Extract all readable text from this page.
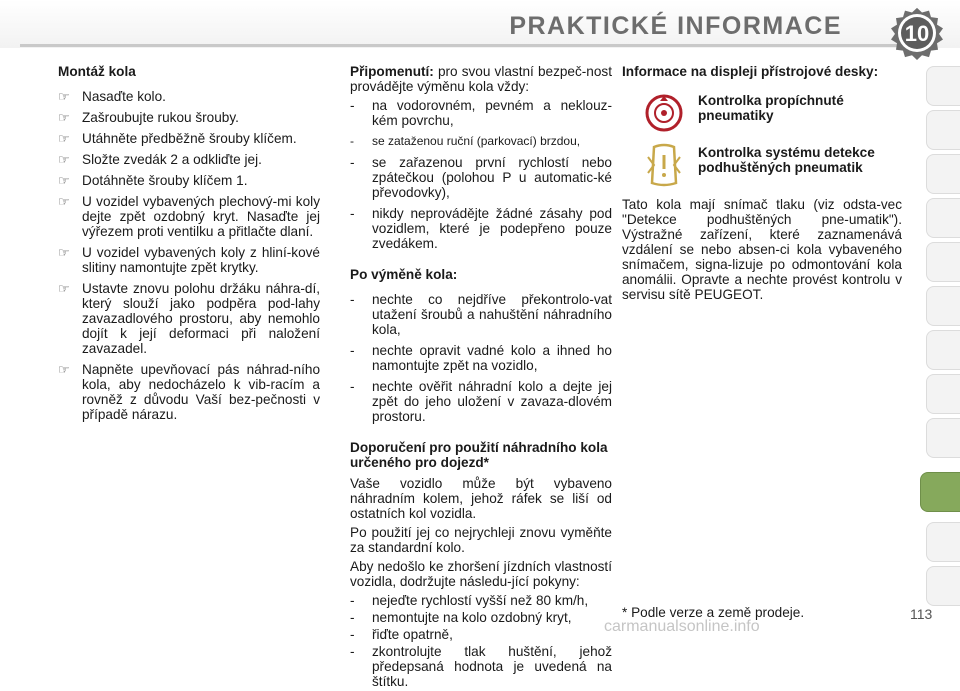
PRAKTICKÉ INFORMACE	10

Montáž kola

☞ Nasaďte kolo.

☞ Zašroubujte rukou šrouby.

☞ Utáhněte předběžně šrouby klíčem.

☞ Složte zvedák 2 a odkliďte jej.

☞ Dotáhněte šrouby klíčem 1.

☞ U vozidel vybavených plechový-mi koly dejte zpět ozdobný kryt. Nasaďte jej výřezem proti ventilku a přitlačte dlaní.

☞ U vozidel vybavených koly z hliní-kové slitiny namontujte zpět krytky.

☞ Ustavte znovu polohu držáku náhra-dí, který slouží jako podpěra pod-lahy zavazadlového prostoru, aby nemohlo dojít k její deformaci při naložení zavazadel.

☞ Napněte upevňovací pás náhrad-ního kola, aby nedocházelo k vib-racím a rovněž z důvodu Vaší bez-pečnosti v případě nárazu.

Připomenutí: pro svou vlastní bezpeč-nost provádějte výměnu kola vždy:

- na vodorovném, pevném a neklouz-kém povrchu,

- se zataženou ruční (parkovací) brzdou,

- se zařazenou první rychlostí nebo zpátečkou (polohou P u automatic-ké převodovky),

- nikdy neprovádějte žádné zásahy pod vozidlem, které je podepřeno pouze zvedákem.

Po výměně kola:

- nechte co nejdříve překontrolo-vat utažení šroubů a nahuštění náhradního kola,

- nechte opravit vadné kolo a ihned ho namontujte zpět na vozidlo,

- nechte ověřit náhradní kolo a dejte jej zpět do jeho uložení v zavaza-dlovém prostoru.

Doporučení pro použití náhradního kola určeného pro dojezd*

Vaše vozidlo může být vybaveno náhradním kolem, jehož ráfek se liší od ostatních kol vozidla.

Po použití jej co nejrychleji znovu vyměňte za standardní kolo.

Aby nedošlo ke zhoršení jízdních vlastností vozidla, dodržujte následu-jící pokyny:

- nejeďte rychlostí vyšší než 80 km/h,

- nemontujte na kolo ozdobný kryt,

- řiďte opatrně,

- zkontrolujte tlak huštění, jehož předepsaná hodnota je uvedená na štítku.

Informace na displeji přístrojové desky:

Kontrolka propíchnuté pneumatiky
Kontrolka systému detekce podhuštěných pneumatik

Tato kola mají snímač tlaku (viz odsta-vec "Detekce podhuštěných pne-umatik"). Výstražné zařízení, které zaznamenává vzdálení se nebo absen-ci kola vybaveného snímačem, signa-lizuje po odmontování kola anomálii. Opravte a nechte provést kontrolu v servisu sítě PEUGEOT.

* Podle verze a země prodeje.	113
carmanualsonline.info
